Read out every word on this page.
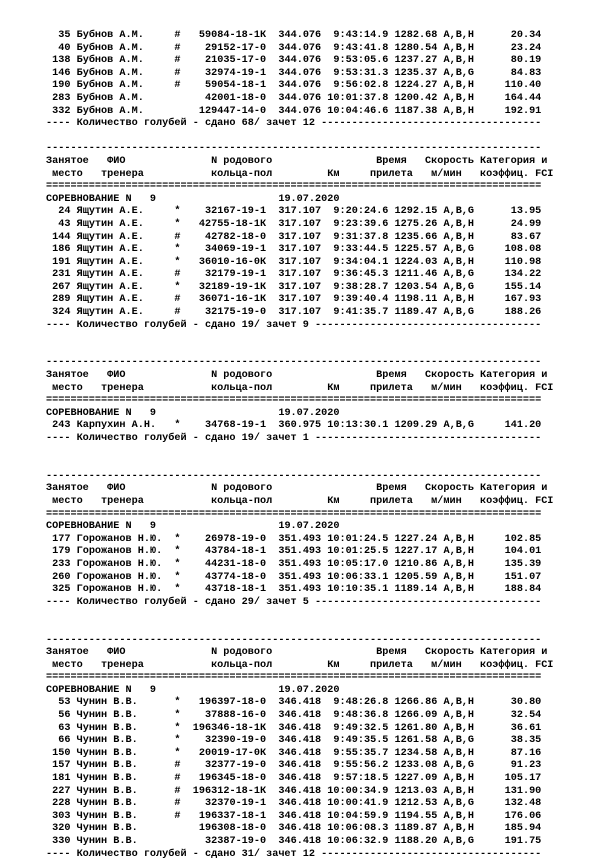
35 Бубнов А.М.     #   59084-18-1К  344.076  9:43:14.9 1282.68 A,B,H      20.34
40 Бубнов А.М.     #    29152-17-0  344.076  9:43:41.8 1280.54 A,B,H      23.24
138 Бубнов А.М.     #    21035-17-0  344.076  9:53:05.6 1237.27 A,B,H      80.19
146 Бубнов А.М.     #    32974-19-1  344.076  9:53:31.3 1235.37 A,B,G      84.83
190 Бубнов А.М.     #    59054-18-1  344.076  9:56:02.8 1224.27 A,B,H     110.40
283 Бубнов А.М.          42001-18-0  344.076 10:01:37.8 1200.42 A,B,H     164.44
332 Бубнов А.М.         129447-14-0  344.076 10:04:46.6 1187.38 A,B,H     192.91
---- Количество голубей - сдано 68/ зачет 12 ------------------------------------
---------------------------------------------------------------------------------
Занятое   ФИО              N родового                 Время   Скорость Категория и
место   тренера           кольца-пол         Км     прилета   м/мин   коэффиц. FCI
=================================================================================
СОРЕВНОВАНИЕ N   9                    19.07.2020
24 Ящутин А.Е.     *    32167-19-1  317.107  9:20:24.6 1292.15 A,B,G      13.95
43 Ящутин А.Е.     *   42755-18-1К  317.107  9:23:39.6 1275.26 A,B,H      24.99
144 Ящутин А.Е.     #    42782-18-0  317.107  9:31:37.8 1235.66 A,B,H      83.67
186 Ящутин А.Е.     *    34069-19-1  317.107  9:33:44.5 1225.57 A,B,G     108.08
191 Ящутин А.Е.     *   36010-16-0К  317.107  9:34:04.1 1224.03 A,B,H     110.98
231 Ящутин А.Е.     #    32179-19-1  317.107  9:36:45.3 1211.46 A,B,G     134.22
267 Ящутин А.Е.     *   32189-19-1К  317.107  9:38:28.7 1203.54 A,B,G     155.14
289 Ящутин А.Е.     #   36071-16-1К  317.107  9:39:40.4 1198.11 A,B,H     167.93
324 Ящутин А.Е.     #    32175-19-0  317.107  9:41:35.7 1189.47 A,B,G     188.26
---- Количество голубей - сдано 19/ зачет 9 -------------------------------------
---------------------------------------------------------------------------------
Занятое   ФИО              N родового                 Время   Скорость Категория и
место   тренера           кольца-пол         Км     прилета   м/мин   коэффиц. FCI
=================================================================================
СОРЕВНОВАНИЕ N   9                    19.07.2020
243 Карпухин А.Н.   *    34768-19-1  360.975 10:13:30.1 1209.29 A,B,G     141.20
---- Количество голубей - сдано 19/ зачет 1 -------------------------------------
---------------------------------------------------------------------------------
Занятое   ФИО              N родового                 Время   Скорость Категория и
место   тренера           кольца-пол         Км     прилета   м/мин   коэффиц. FCI
=================================================================================
СОРЕВНОВАНИЕ N   9                    19.07.2020
177 Горожанов Н.Ю.  *    26978-19-0  351.493 10:01:24.5 1227.24 A,B,H     102.85
179 Горожанов Н.Ю.  *    43784-18-1  351.493 10:01:25.5 1227.17 A,B,H     104.01
233 Горожанов Н.Ю.  *    44231-18-0  351.493 10:05:17.0 1210.86 A,B,H     135.39
260 Горожанов Н.Ю.  *    43774-18-0  351.493 10:06:33.1 1205.59 A,B,H     151.07
325 Горожанов Н.Ю.  *    43718-18-1  351.493 10:10:35.1 1189.14 A,B,H     188.84
---- Количество голубей - сдано 29/ зачет 5 -------------------------------------
---------------------------------------------------------------------------------
Занятое   ФИО              N родового                 Время   Скорость Категория и
место   тренера           кольца-пол         Км     прилета   м/мин   коэффиц. FCI
=================================================================================
СОРЕВНОВАНИЕ N   9                    19.07.2020
53 Чунин В.В.      *   196397-18-0  346.418  9:48:26.8 1266.86 A,B,H      30.80
56 Чунин В.В.      *    37888-16-0  346.418  9:48:36.8 1266.09 A,B,H      32.54
63 Чунин В.В.      *  196346-18-1К  346.418  9:49:32.5 1261.80 A,B,H      36.61
66 Чунин В.В.      *    32390-19-0  346.418  9:49:35.5 1261.58 A,B,G      38.35
150 Чунин В.В.      *   20019-17-0К  346.418  9:55:35.7 1234.58 A,B,H      87.16
157 Чунин В.В.      #    32377-19-0  346.418  9:55:56.2 1233.08 A,B,G      91.23
181 Чунин В.В.      #   196345-18-0  346.418  9:57:18.5 1227.09 A,B,H     105.17
227 Чунин В.В.      #  196312-18-1К  346.418 10:00:34.9 1213.03 A,B,H     131.90
228 Чунин В.В.      #    32370-19-1  346.418 10:00:41.9 1212.53 A,B,G     132.48
303 Чунин В.В.      #   196337-18-1  346.418 10:04:59.9 1194.55 A,B,H     176.06
320 Чунин В.В.          196308-18-0  346.418 10:06:08.3 1189.87 A,B,H     185.94
330 Чунин В.В.           32387-19-0  346.418 10:06:32.9 1188.20 A,B,G     191.75
---- Количество голубей - сдано 31/ зачет 12 ------------------------------------
